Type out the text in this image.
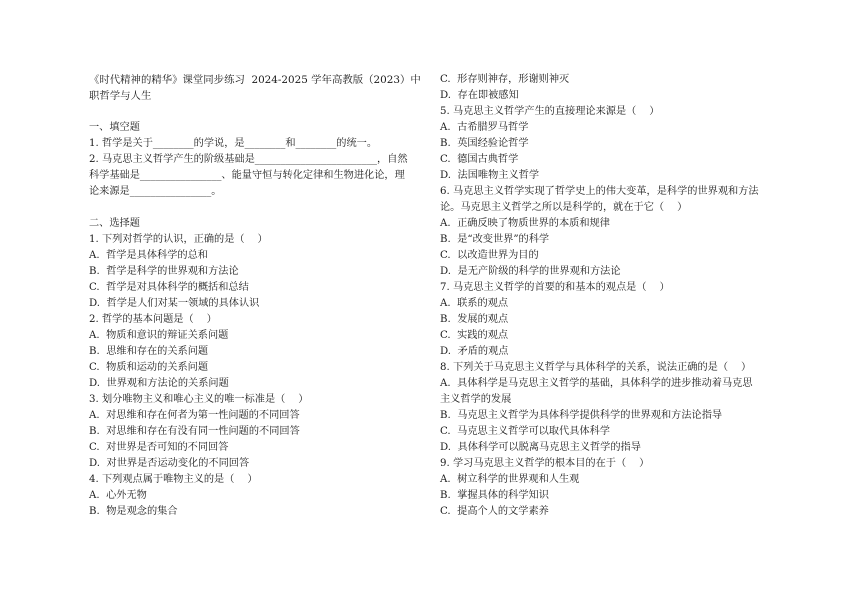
《时代精神的精华》课堂同步练习  2024-2025 学年高教版（2023）中

职哲学与人生

一、填空题

1. 哲学是关于________的学说，是________和________的统一。

2. 马克思主义哲学产生的阶级基础是________________________，自然

科学基础是________________、能量守恒与转化定律和生物进化论，理

论来源是________________。

二、选择题

1. 下列对哲学的认识，正确的是（    ）

A.  哲学是具体科学的总和

B.  哲学是科学的世界观和方法论

C.  哲学是对具体科学的概括和总结

D.  哲学是人们对某一领域的具体认识

2. 哲学的基本问题是（    ）

A.  物质和意识的辩证关系问题

B.  思维和存在的关系问题

C.  物质和运动的关系问题

D.  世界观和方法论的关系问题

3. 划分唯物主义和唯心主义的唯一标准是（    ）

A.  对思维和存在何者为第一性问题的不同回答

B.  对思维和存在有没有同一性问题的不同回答

C.  对世界是否可知的不同回答

D.  对世界是否运动变化的不同回答

4. 下列观点属于唯物主义的是（    ）

A.  心外无物

B.  物是观念的集合

C.  形存则神存，形谢则神灭

D.  存在即被感知

5. 马克思主义哲学产生的直接理论来源是（    ）

A.  古希腊罗马哲学

B.  英国经验论哲学

C.  德国古典哲学

D.  法国唯物主义哲学

6. 马克思主义哲学实现了哲学史上的伟大变革，是科学的世界观和方法

论。马克思主义哲学之所以是科学的，就在于它（    ）

A.  正确反映了物质世界的本质和规律

B.  是“改变世界”的科学

C.  以改造世界为目的

D.  是无产阶级的科学的世界观和方法论

7. 马克思主义哲学的首要的和基本的观点是（    ）

A.  联系的观点

B.  发展的观点

C.  实践的观点

D.  矛盾的观点

8. 下列关于马克思主义哲学与具体科学的关系，说法正确的是（    ）

A.  具体科学是马克思主义哲学的基础，具体科学的进步推动着马克思

主义哲学的发展

B.  马克思主义哲学为具体科学提供科学的世界观和方法论指导

C.  马克思主义哲学可以取代具体科学

D.  具体科学可以脱离马克思主义哲学的指导

9. 学习马克思主义哲学的根本目的在于（    ）

A.  树立科学的世界观和人生观

B.  掌握具体的科学知识

C.  提高个人的文学素养
